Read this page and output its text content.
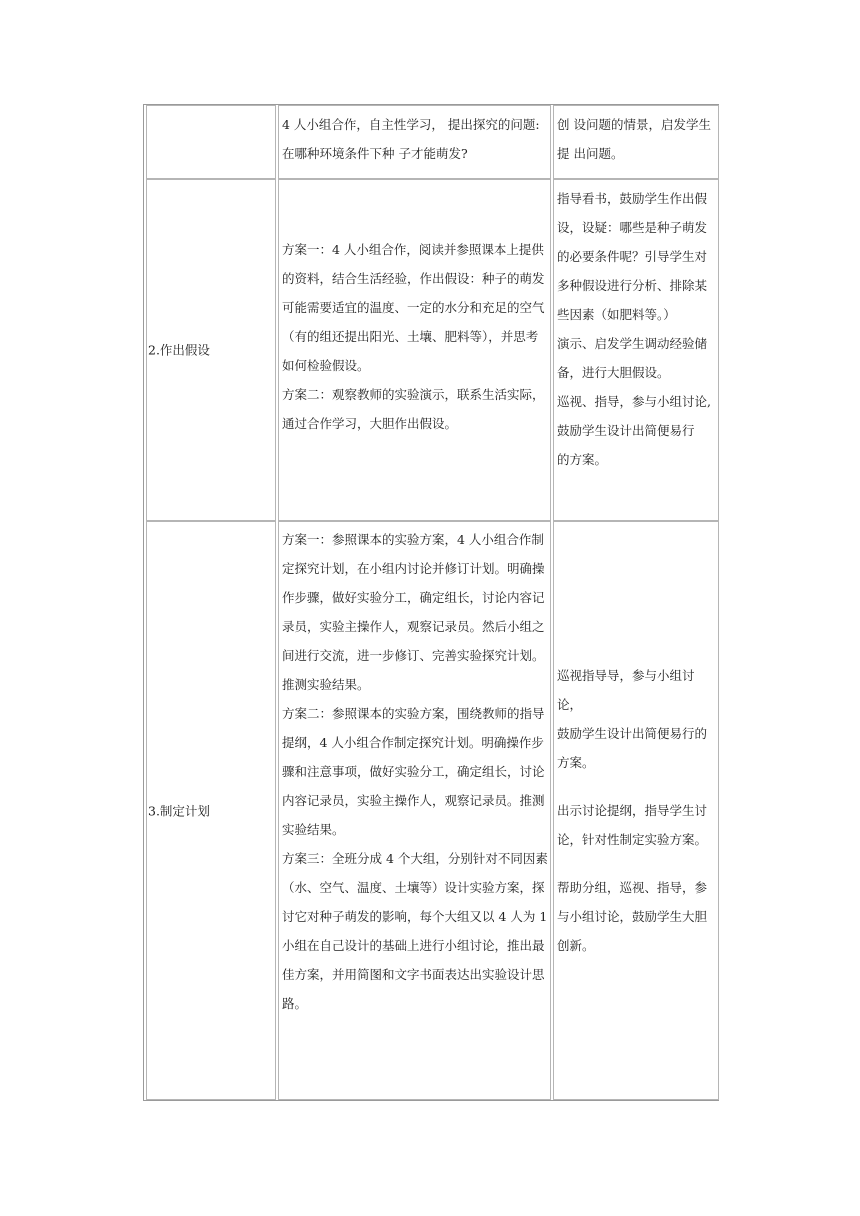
4 人小组合作，自主性学习， 提出探究的问题:

在哪种环境条件下种 子才能萌发?

创 设问题的情景，启发学生

提 出问题。

2.作出假设

方案一：4 人小组合作，阅读并参照课本上提供

的资料，结合生活经验，作出假设：种子的萌发

可能需要适宜的温度、一定的水分和充足的空气

（有的组还提出阳光、土壤、肥料等），并思考

如何检验假设。

方案二：观察教师的实验演示，联系生活实际，

通过合作学习，大胆作出假设。

指导看书，鼓励学生作出假

设，设疑：哪些是种子萌发

的必要条件呢？引导学生对

多种假设进行分析、排除某

些因素（如肥料等。）

演示、启发学生调动经验储

备，进行大胆假设。

巡视、指导，参与小组讨论,

鼓励学生设计出简便易行

的方案。

3.制定计划

方案一：参照课本的实验方案，4 人小组合作制

定探究计划，在小组内讨论并修订计划。明确操

作步骤，做好实验分工，确定组长，讨论内容记

录员，实验主操作人，观察记录员。然后小组之

间进行交流，进一步修订、完善实验探究计划。

推测实验结果。

方案二：参照课本的实验方案，围绕教师的指导

提纲，4 人小组合作制定探究计划。明确操作步

骤和注意事项，做好实验分工，确定组长，讨论

内容记录员，实验主操作人，观察记录员。推测

实验结果。

方案三：全班分成 4 个大组，分别针对不同因素

（水、空气、温度、土壤等）设计实验方案，探

讨它对种子萌发的影响，每个大组又以 4 人为 1

小组在自己设计的基础上进行小组讨论，推出最

佳方案，并用简图和文字书面表达出实验设计思

路。

巡视指导导，参与小组讨论，

鼓励学生设计出简便易行的

方案。

出示讨论提纲，指导学生讨

论，针对性制定实验方案。

帮助分组，巡视、指导，参

与小组讨论，鼓励学生大胆

创新。
